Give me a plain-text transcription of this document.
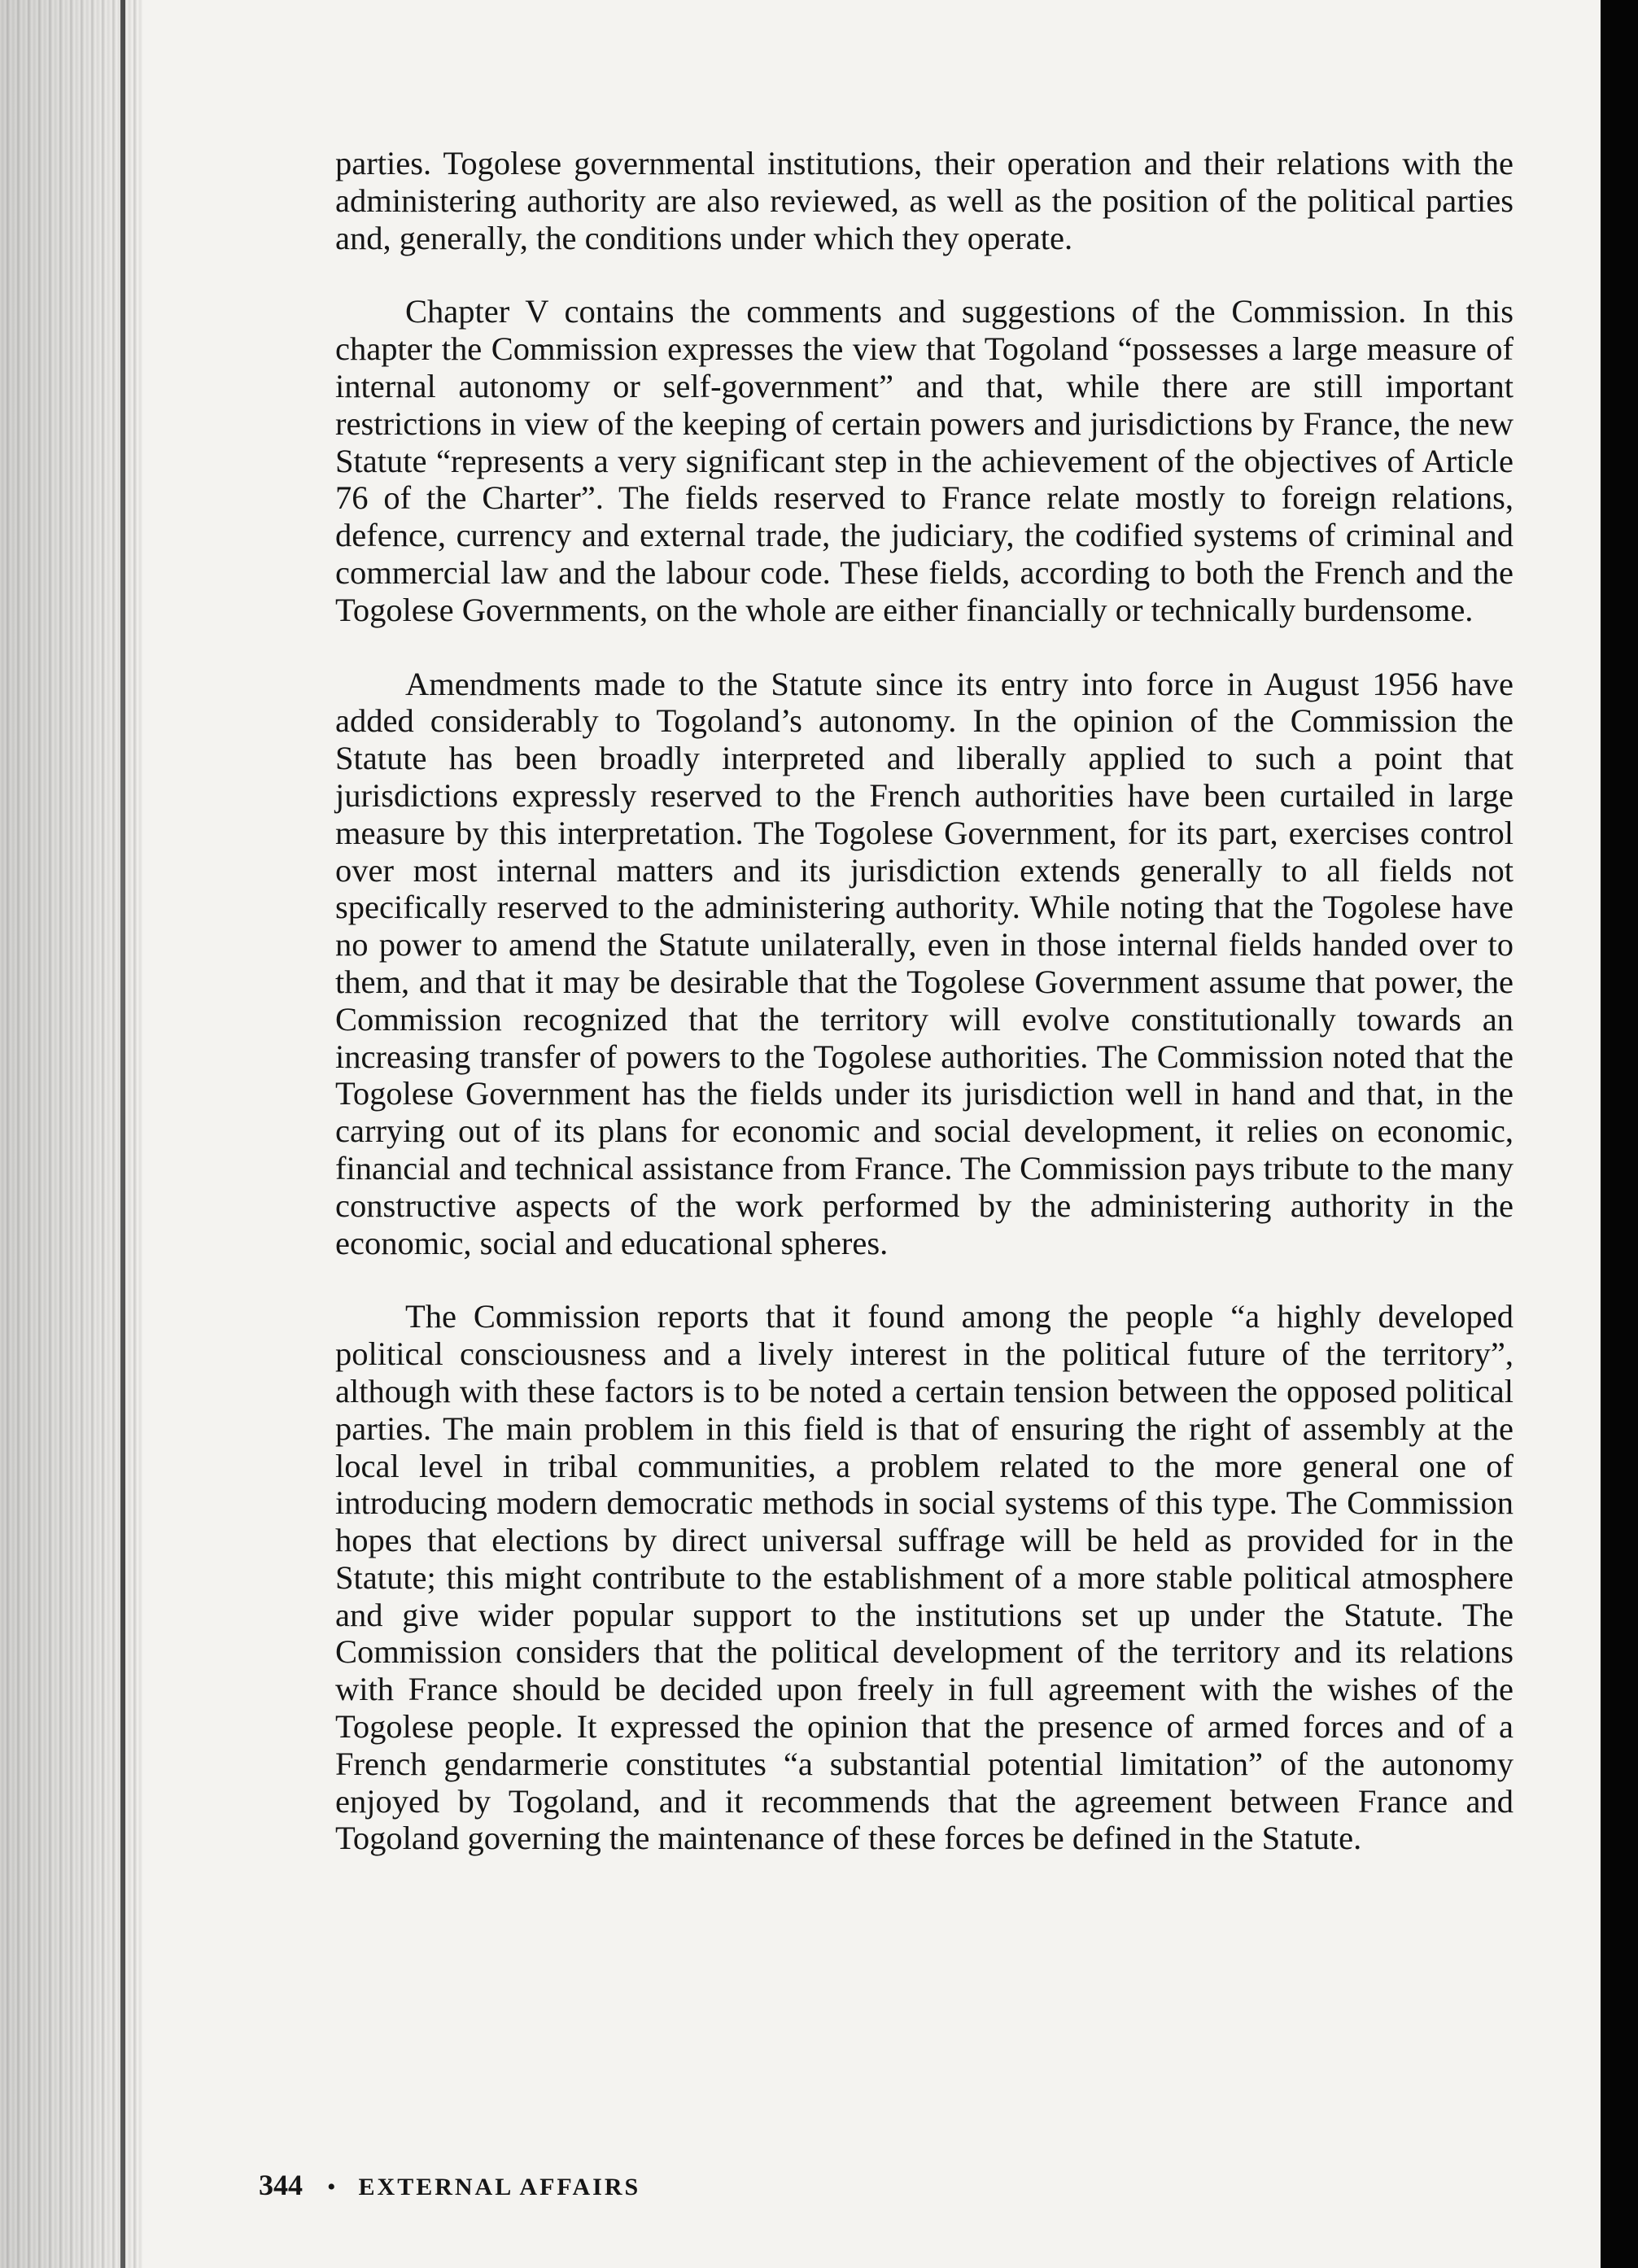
parties. Togolese governmental institutions, their operation and their relations with the administering authority are also reviewed, as well as the position of the political parties and, generally, the conditions under which they operate.

Chapter V contains the comments and suggestions of the Commission. In this chapter the Commission expresses the view that Togoland “possesses a large measure of internal autonomy or self-government” and that, while there are still important restrictions in view of the keeping of certain powers and jurisdictions by France, the new Statute “represents a very significant step in the achievement of the objectives of Article 76 of the Charter”. The fields reserved to France relate mostly to foreign relations, defence, currency and external trade, the judiciary, the codified systems of criminal and commercial law and the labour code. These fields, according to both the French and the Togolese Governments, on the whole are either financially or technically burdensome.

Amendments made to the Statute since its entry into force in August 1956 have added considerably to Togoland’s autonomy. In the opinion of the Commission the Statute has been broadly interpreted and liberally applied to such a point that jurisdictions expressly reserved to the French authorities have been curtailed in large measure by this interpretation. The Togolese Government, for its part, exercises control over most internal matters and its jurisdiction extends generally to all fields not specifically reserved to the administering authority. While noting that the Togolese have no power to amend the Statute unilaterally, even in those internal fields handed over to them, and that it may be desirable that the Togolese Government assume that power, the Commission recognized that the territory will evolve constitutionally towards an increasing transfer of powers to the Togolese authorities. The Commission noted that the Togolese Government has the fields under its jurisdiction well in hand and that, in the carrying out of its plans for economic and social development, it relies on economic, financial and technical assistance from France. The Commission pays tribute to the many constructive aspects of the work performed by the administering authority in the economic, social and educational spheres.

The Commission reports that it found among the people “a highly developed political consciousness and a lively interest in the political future of the territory”, although with these factors is to be noted a certain tension between the opposed political parties. The main problem in this field is that of ensuring the right of assembly at the local level in tribal communities, a problem related to the more general one of introducing modern democratic methods in social systems of this type. The Commission hopes that elections by direct universal suffrage will be held as provided for in the Statute; this might contribute to the establishment of a more stable political atmosphere and give wider popular support to the institutions set up under the Statute. The Commission considers that the political development of the territory and its relations with France should be decided upon freely in full agreement with the wishes of the Togolese people. It expressed the opinion that the presence of armed forces and of a French gendarmerie constitutes “a substantial potential limitation” of the autonomy enjoyed by Togoland, and it recommends that the agreement between France and Togoland governing the maintenance of these forces be defined in the Statute.

344 • EXTERNAL AFFAIRS
